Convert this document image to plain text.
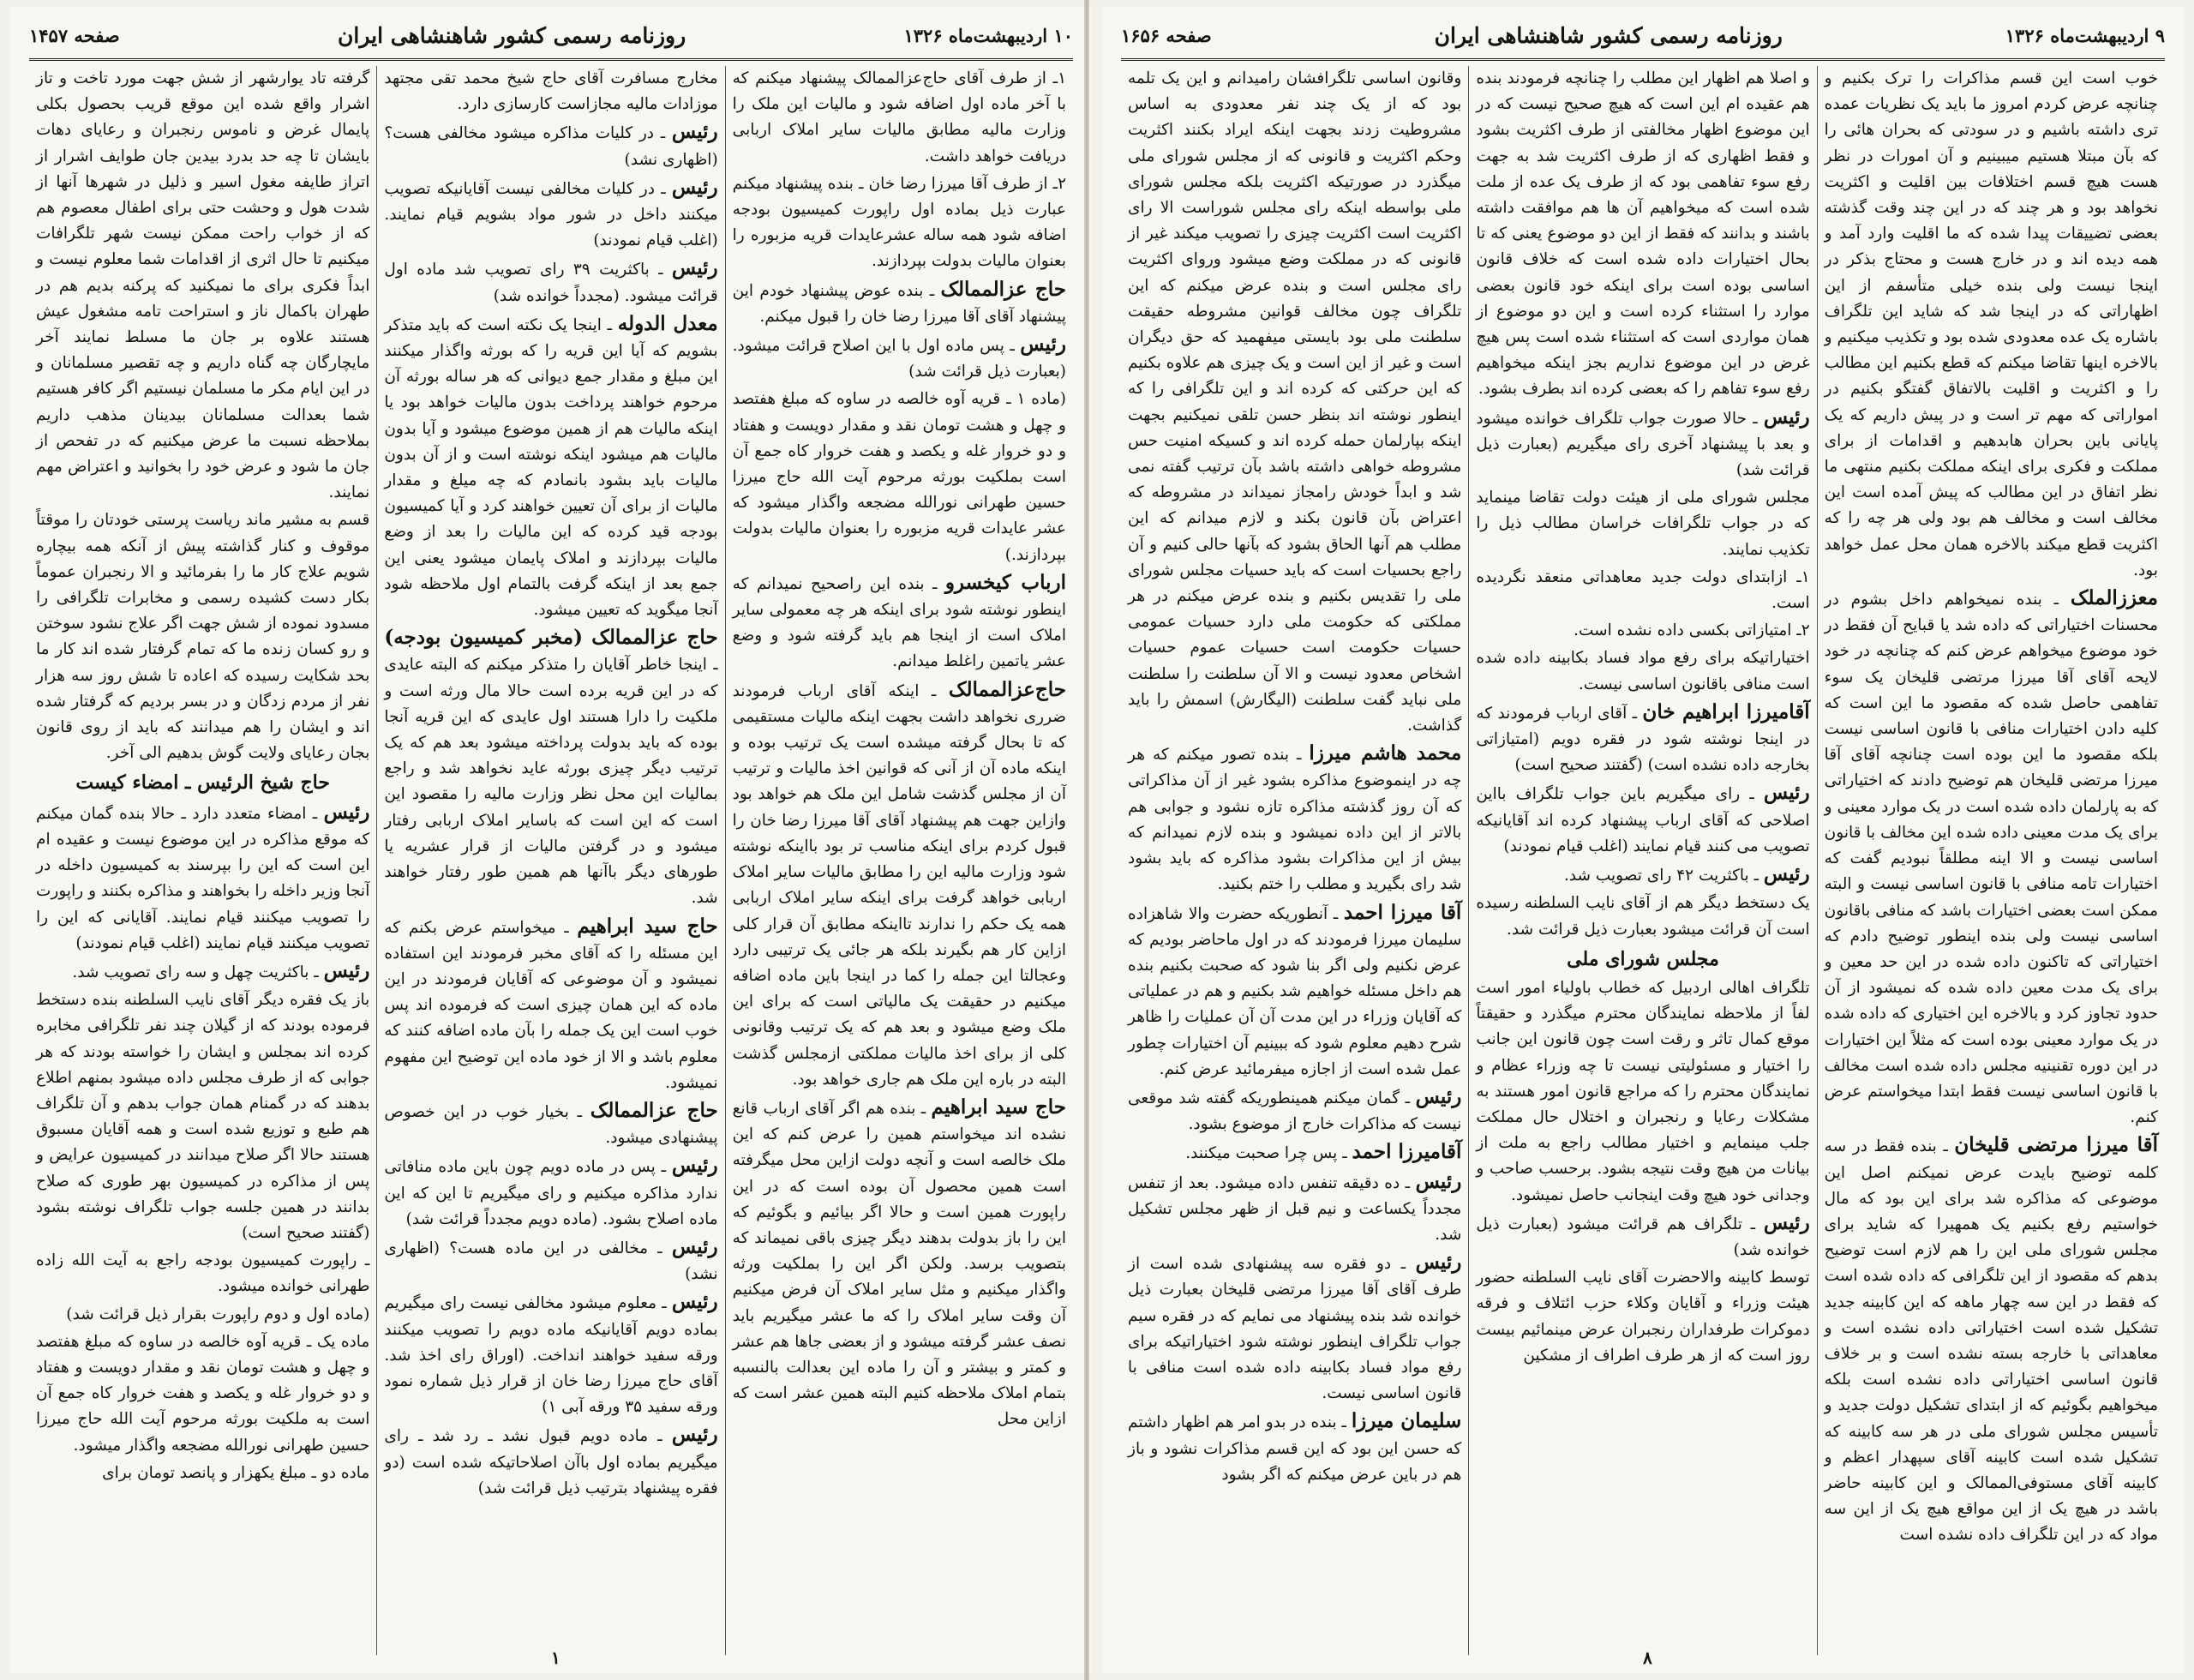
۱۰ اردیبهشت‌ماه ۱۳۲۶
روزنامه رسمی کشور شاهنشاهی ایران
صفحه ۱۴۵۷

۱ـ از طرف آقای حاج‌عزالممالک پیشنهاد میکنم که با آخر ماده اول اضافه شود و مالیات این ملک را وزارت مالیه مطابق مالیات سایر املاک اربابی دریافت خواهد داشت.

۲ـ از طرف آقا میرزا رضا خان ـ بنده پیشنهاد میکنم عبارت ذیل بماده اول راپورت کمیسیون بودجه اضافه شود همه ساله عشرعایدات قریه مزبوره را بعنوان مالیات بدولت بپردازند.

حاج عزالممالک ـ بنده عوض پیشنهاد خودم این پیشنهاد آقای آقا میرزا رضا خان را قبول میکنم.

رئیس ـ پس ماده اول با این اصلاح قرائت میشود. (بعبارت ذیل قرائت شد)

(ماده ۱ ـ قریه آوه خالصه در ساوه که مبلغ هفتصد و چهل و هشت تومان نقد و مقدار دویست و هفتاد و دو خروار غله و یکصد و هفت خروار کاه جمع آن است بملکیت بورثه مرحوم آیت الله حاج میرزا حسین طهرانی نورالله مضجعه واگذار میشود که عشر عایدات قریه مزبوره را بعنوان مالیات بدولت بپردازند.)

ارباب کیخسرو ـ بنده این راصحیح نمیدانم که اینطور نوشته شود برای اینکه هر چه معمولی سایر املاک است از اینجا هم باید گرفته شود و وضع عشر یاتمین راغلط میدانم.

حاج‌عزالممالک ـ اینکه آقای ارباب فرمودند ضرری نخواهد داشت بجهت اینکه مالیات مستقیمی که تا بحال گرفته میشده است یک ترتیب بوده و اینکه ماده آن از آنی که قوانین اخذ مالیات و ترتیب آن از مجلس گذشت شامل این ملک هم خواهد بود وازاین جهت هم پیشنهاد آقای آقا میرزا رضا خان را قبول کردم برای اینکه مناسب تر بود بااینکه نوشته شود وزارت مالیه این را مطابق مالیات سایر املاک اربابی خواهد گرفت برای اینکه سایر املاک اربابی همه یک حکم را ندارند تااینکه مطابق آن قرار کلی ازاین کار هم بگیرند بلکه هر جائی یک ترتیبی دارد وعجالتا این جمله را کما در اینجا باین ماده اضافه میکنیم در حقیقت یک مالیاتی است که برای این ملک وضع میشود و بعد هم که یک ترتیب وقانونی کلی از برای اخذ مالیات مملکتی ازمجلس گذشت البته در باره این ملک هم جاری خواهد بود.

حاج سید ابراهیم ـ بنده هم اگر آقای ارباب قانع نشده اند میخواستم همین را عرض کنم که این ملک خالصه است و آنچه دولت ازاین محل میگرفته است همین محصول آن بوده است که در این راپورت همین است و حالا اگر بیائیم و بگوئیم که این را باز بدولت بدهند دیگر چیزی باقی نمیماند که بتصویب برسد. ولکن اگر این را بملکیت ورثه واگذار میکنیم و مثل سایر املاک آن فرض میکنیم آن وقت سایر املاک را که ما عشر میگیریم باید نصف عشر گرفته میشود و از بعضی جاها هم عشر و کمتر و بیشتر و آن را ماده این بعدالت بالنسبه بتمام املاک ملاحظه کنیم البته همین عشر است که ازاین محل

مخارج مسافرت آقای حاج شیخ محمد تقی مجتهد موزادات مالیه مجازاست کارسازی دارد.

رئیس ـ در کلیات مذاکره میشود مخالفی هست؟ (اظهاری نشد)

رئیس ـ در کلیات مخالفی نیست آقایانیکه تصویب میکنند داخل در شور مواد بشویم قیام نمایند. (اغلب قیام نمودند)

رئیس ـ باکثریت ۳۹ رای تصویب شد ماده اول قرائت میشود. (مجدداً خوانده شد)

معدل الدوله ـ اینجا یک نکته است که باید متذکر بشویم که آیا این قریه را که بورثه واگذار میکنند این مبلغ و مقدار جمع دیوانی که هر ساله بورثه آن مرحوم خواهند پرداخت بدون مالیات خواهد بود یا اینکه مالیات هم از همین موضوع میشود و آیا بدون مالیات هم میشود اینکه نوشته است و از آن بدون مالیات باید بشود بانمادم که چه میلغ و مقدار مالیات از برای آن تعیین خواهند کرد و آیا کمیسیون بودجه قید کرده که این مالیات را بعد از وضع مالیات بپردازند و املاک پایمان میشود یعنی این جمع بعد از اینکه گرفت بالتمام اول ملاحظه شود آنجا میگوید که تعیین میشود.

حاج عزالممالک (مخبر کمیسیون بودجه) ـ اینجا خاطر آقایان را متذکر میکنم که البته عایدی که در این قریه برده است حالا مال ورثه است و ملکیت را دارا هستند اول عایدی که این قریه آنجا بوده که باید بدولت پرداخته میشود بعد هم که یک ترتیب دیگر چیزی بورثه عاید نخواهد شد و راجع بمالیات این محل نظر وزارت مالیه را مقصود این است که این است که باسایر املاک اربابی رفتار میشود و در گرفتن مالیات از قرار عشریه یا طورهای دیگر باآنها هم همین طور رفتار خواهند شد.

حاج سید ابراهیم ـ میخواستم عرض بکنم که این مسئله را که آقای مخبر فرمودند این استفاده نمیشود و آن موضوعی که آقایان فرمودند در این ماده که این همان چیزی است که فرموده اند پس خوب است این یک جمله را بآن ماده اضافه کنند که معلوم باشد و الا از خود ماده این توضیح این مفهوم نمیشود.

حاج عزالممالک ـ بخیار خوب در این خصوص پیشنهادی میشود.

رئیس ـ پس در ماده دویم چون باین ماده منافاتی ندارد مذاکره میکنیم و رای میگیریم تا این که این ماده اصلاح بشود. (ماده دویم مجدداً قرائت شد)

رئیس ـ مخالفی در این ماده هست؟ (اظهاری نشد)

رئیس ـ معلوم میشود مخالفی نیست رای میگیریم بماده دویم آقایانیکه ماده دویم را تصویب میکنند ورقه سفید خواهند انداخت. (اوراق رای اخذ شد. آقای حاج میرزا رضا خان از قرار ذیل شماره نمود ورقه سفید ۳۵ ورقه آبی ۱)

رئیس ـ ماده دویم قبول نشد ـ رد شد ـ رای میگیریم بماده اول باآن اصلاحاتیکه شده است (دو فقره پیشنهاد بترتیب ذیل قرائت شد)

گرفته تاد یوارشهر از شش جهت مورد تاخت و تاز اشرار واقع شده این موقع قریب بحصول بکلی پایمال غرض و ناموس رنجبران و رعایای دهات بایشان تا چه حد بدرد بیدین جان طوایف اشرار از اتراز طایفه مغول اسیر و ذلیل در شهرها آنها از شدت هول و وحشت حتی برای اطفال معصوم هم که از خواب راحت ممکن نیست شهر تلگرافات میکنیم تا حال اثری از اقدامات شما معلوم نیست و ابداً فکری برای ما نمیکنید که پرکنه بدیم هم در طهران باکمال ناز و استراحت تامه مشغول عیش هستند علاوه بر جان ما مسلط نمایند آخر مایچارگان چه گناه داریم و چه تقصیر مسلمانان و در این ایام مکر ما مسلمان نیستیم اگر کافر هستیم شما بعدالت مسلمانان بیدینان مذهب داریم بملاحظه نسبت ما عرض میکنیم که در تفحص از جان ما شود و عرض خود را بخوانید و اعتراض مهم نمایند.

قسم به مشیر ماند ریاست پرستی خودتان را موقتاً موقوف و کنار گذاشته پیش از آنکه همه بیچاره شویم علاج کار ما را بفرمائید و الا رنجبران عموماً بکار دست کشیده رسمی و مخابرات تلگرافی را مسدود نموده از شش جهت اگر علاج نشود سوختن و رو کسان زنده ما که تمام گرفتار شده اند کار ما بحد شکایت رسیده که اعاده تا شش روز سه هزار نفر از مردم زدگان و در بسر بردیم که گرفتار شده اند و ایشان را هم میدانند که باید از روی قانون بجان رعایای ولایت گوش بدهیم الی آخر.

حاج شیخ الرئیس ـ امضاء کیست

رئیس ـ امضاء متعدد دارد ـ حالا بنده گمان میکنم که موقع مذاکره در این موضوع نیست و عقیده ام این است که این را بپرسند به کمیسیون داخله در آنجا وزیر داخله را بخواهند و مذاکره بکنند و راپورت را تصویب میکنند قیام نمایند. آقایانی که این را تصویب میکنند قیام نمایند (اغلب قیام نمودند)

رئیس ـ باکثریت چهل و سه رای تصویب شد.

باز یک فقره دیگر آقای نایب السلطنه بنده دستخط فرموده بودند که از گیلان چند نفر تلگرافی مخابره کرده اند بمجلس و ایشان را خواسته بودند که هر جوابی که از طرف مجلس داده میشود بمنهم اطلاع بدهند که در گمنام همان جواب بدهم و آن تلگراف هم طبع و توزیع شده است و همه آقایان مسبوق هستند حالا اگر صلاح میدانند در کمیسیون عرایض و پس از مذاکره در کمیسیون بهر طوری که صلاح بدانند در همین جلسه جواب تلگراف نوشته بشود (گفتند صحیح است)

ـ راپورت کمیسیون بودجه راجع به آیت الله زاده طهرانی خوانده میشود.

(ماده اول و دوم راپورت بقرار ذیل قرائت شد)

ماده یک ـ قریه آوه خالصه در ساوه که مبلغ هفتصد و چهل و هشت تومان نقد و مقدار دویست و هفتاد و دو خروار غله و یکصد و هفت خروار کاه جمع آن است به ملکیت بورثه مرحوم آیت الله حاج میرزا حسین طهرانی نورالله مضجعه واگذار میشود.

ماده دو ـ مبلغ یکهزار و پانصد تومان برای

۱
۹ اردیبهشت‌ماه ۱۳۲۶
روزنامه رسمی کشور شاهنشاهی ایران
صفحه ۱۶۵۶

خوب است این قسم مذاکرات را ترک بکنیم و چنانچه عرض کردم امروز ما باید یک نظریات عمده تری داشته باشیم و در سودتی که بحران هائی را که بآن مبتلا هستیم میبینیم و آن امورات در نظر هست هیچ قسم اختلافات بین اقلیت و اکثریت نخواهد بود و هر چند که در این چند وقت گذشته بعضی تضییقات پیدا شده که ما اقلیت وارد آمد و همه دیده اند و در خارج هست و محتاج بذکر در اینجا نیست ولی بنده خیلی متأسفم از این اظهاراتی که در اینجا شد که شاید این تلگراف باشاره یک عده معدودی شده بود و تکذیب میکنیم و بالاخره اینها تقاضا میکنم که قطع بکنیم این مطالب را و اکثریت و اقلیت بالاتفاق گفتگو بکنیم در امواراتی که مهم تر است و در پیش داریم که یک پایانی باین بحران هابدهیم و اقدامات از برای مملکت و فکری برای اینکه مملکت بکنیم منتهی ما نظر اتفاق در این مطالب که پیش آمده است این مخالف است و مخالف هم بود ولی هر چه را که اکثریت قطع میکند بالاخره همان محل عمل خواهد بود.

معززالملک ـ بنده نمیخواهم داخل بشوم در محسنات اختیاراتی که داده شد یا قبایح آن فقط در خود موضوع میخواهم عرض کنم که چنانچه در خود لایحه آقای آقا میرزا مرتضی قلیخان یک سوء تفاهمی حاصل شده که مقصود ما این است که کلیه دادن اختیارات منافی با قانون اساسی نیست بلکه مقصود ما این بوده است چنانچه آقای آقا میرزا مرتضی قلیخان هم توضیح دادند که اختیاراتی که به پارلمان داده شده است در یک موارد معینی و برای یک مدت معینی داده شده این مخالف با قانون اساسی نیست و الا اینه مطلقاً نبودیم گفت که اختیارات تامه منافی با قانون اساسی نیست و البته ممکن است بعضی اختیارات باشد که منافی باقانون اساسی نیست ولی بنده اینطور توضیح دادم که اختیاراتی که تاکنون داده شده در این حد معین و برای یک مدت معین داده شده که نمیشود از آن حدود تجاوز کرد و بالاخره این اختیاری که داده شده در یک موارد معینی بوده است که مثلاً این اختیارات در این دوره تقنینیه مجلس داده شده است مخالف با قانون اساسی نیست فقط ابتدا میخواستم عرض کنم.

آقا میرزا مرتضی قلیخان ـ بنده فقط در سه کلمه توضیح بایدت عرض نمیکنم اصل این موضوعی که مذاکره شد برای این بود که مال خواستیم رفع بکنیم یک همهیرا که شاید برای مجلس شورای ملی این را هم لازم است توضیح بدهم که مقصود از این تلگرافی که داده شده است که فقط در این سه چهار ماهه که این کابینه جدید تشکیل شده است اختیاراتی داده نشده است و معاهداتی با خارجه بسته نشده است و بر خلاف قانون اساسی اختیاراتی داده نشده است بلکه میخواهیم بگوئیم که از ابتدای تشکیل دولت جدید و تأسیس مجلس شورای ملی در هر سه کابینه که تشکیل شده است کابینه آقای سپهدار اعظم و کابینه آقای مستوفی‌الممالک و این کابینه حاضر باشد در هیچ یک از این مواقع هیچ یک از این سه مواد که در این تلگراف داده نشده است

و اصلا هم اظهار این مطلب را چنانچه فرمودند بنده هم عقیده ام این است که هیچ صحیح نیست که در این موضوع اظهار مخالفتی از طرف اکثریت بشود و فقط اظهاری که از طرف اکثریت شد به جهت رفع سوء تفاهمی بود که از طرف یک عده از ملت شده است که میخواهیم آن ها هم موافقت داشته باشند و بدانند که فقط از این دو موضوع یعنی که تا بحال اختیارات داده شده است که خلاف قانون اساسی بوده است برای اینکه خود قانون بعضی موارد را استثناء کرده است و این دو موضوع از همان مواردی است که استثناء شده است پس هیچ غرض در این موضوع نداریم بجز اینکه میخواهیم رفع سوء تفاهم را که بعضی کرده اند بطرف بشود.

رئیس ـ حالا صورت جواب تلگراف خوانده میشود و بعد با پیشنهاد آخری رای میگیریم (بعبارت ذیل قرائت شد)

مجلس شورای ملی از هیئت دولت تقاضا مینماید که در جواب تلگرافات خراسان مطالب ذیل را تکذیب نمایند.

۱ـ ازابتدای دولت جدید معاهداتی منعقد نگردیده است.

۲ـ امتیازاتی بکسی داده نشده است.

اختیاراتیکه برای رفع مواد فساد بکابینه داده شده است منافی باقانون اساسی نیست.

آقامیرزا ابراهیم خان ـ آقای ارباب فرمودند که در اینجا نوشته شود در فقره دویم (امتیازاتی بخارجه داده نشده است) (گفتند صحیح است)

رئیس ـ رای میگیریم باین جواب تلگراف بااین اصلاحی که آقای ارباب پیشنهاد کرده اند آقایانیکه تصویب می کنند قیام نمایند (اغلب قیام نمودند)

رئیس ـ باکثریت ۴۲ رای تصویب شد.

یک دستخط دیگر هم از آقای نایب السلطنه رسیده است آن قرائت میشود بعبارت ذیل قرائت شد.

مجلس شورای ملی

تلگراف اهالی اردبیل که خطاب باولیاء امور است لفاً از ملاحظه نمایندگان محترم میگذرد و حقیقتاً موقع کمال تاثر و رقت است چون قانون این جانب را اختیار و مسئولیتی نیست تا چه وزراء عظام و نمایندگان محترم را که مراجع قانون امور هستند به مشکلات رعایا و رنجبران و اختلال حال مملکت جلب مینمایم و اختیار مطالب راجع به ملت از بیانات من هیچ وقت نتیجه بشود. برحسب صاحب و وجدانی خود هیچ وقت اینجانب حاصل نمیشود.

رئیس ـ تلگراف هم قرائت میشود (بعبارت ذیل خوانده شد)

توسط کابینه والاحضرت آقای نایب السلطنه حضور هیئت وزراء و آقایان وکلاء حزب ائتلاف و فرقه دموکرات طرفداران رنجبران عرض مینمائیم بیست روز است که از هر طرف اطراف از مشکین

وقانون اساسی تلگرافشان رامیدانم و این یک تلمه بود که از یک چند نفر معدودی به اساس مشروطیت زدند بجهت اینکه ایراد بکنند اکثریت وحکم اکثریت و قانونی که از مجلس شورای ملی میگذرد در صورتیکه اکثریت بلکه مجلس شورای ملی بواسطه اینکه رای مجلس شوراست الا رای اکثریت است اکثریت چیزی را تصویب میکند غیر از قانونی که در مملکت وضع میشود وروای اکثریت رای مجلس است و بنده عرض میکنم که این تلگراف چون مخالف قوانین مشروطه حقیقت سلطنت ملی بود بایستی میفهمید که حق دیگران است و غیر از این است و یک چیزی هم علاوه بکنیم که این حرکتی که کرده اند و این تلگرافی را که اینطور نوشته اند بنظر حسن تلقی نمیکنیم بجهت اینکه بپارلمان حمله کرده اند و کسیکه امنیت حس مشروطه خواهی داشته باشد بآن ترتیب گفته نمی شد و ابداً خودش رامجاز نمیداند در مشروطه که اعتراض بآن قانون بکند و لازم میدانم که این مطلب هم آنها الحاق بشود که بآنها حالی کنیم و آن راجع بحسیات است که باید حسیات مجلس شورای ملی را تقدیس بکنیم و بنده عرض میکنم در هر مملکتی که حکومت ملی دارد حسیات عمومی حسیات حکومت است حسیات عموم حسیات اشخاص معدود نیست و الا آن سلطنت را سلطنت ملی نباید گفت سلطنت (الیگارش) اسمش را باید گذاشت.

محمد هاشم میرزا ـ بنده تصور میکنم که هر چه در اینموضوع مذاکره بشود غیر از آن مذاکراتی که آن روز گذشته مذاکره تازه نشود و جوابی هم بالاتر از این داده نمیشود و بنده لازم نمیدانم که بیش از این مذاکرات بشود مذاکره که باید بشود شد رای بگیرید و مطلب را ختم بکنید.

آقا میرزا احمد ـ آنطوریکه حضرت والا شاهزاده سلیمان میرزا فرمودند که در اول ماحاضر بودیم که عرض نکنیم ولی اگر بنا شود که صحبت بکنیم بنده هم داخل مسئله خواهیم شد بکنیم و هم در عملیاتی که آقایان وزراء در این مدت آن آن عملیات را ظاهر شرح دهیم معلوم شود که ببینیم آن اختیارات چطور عمل شده است از اجازه میفرمائید عرض کنم.

رئیس ـ گمان میکنم همینطوریکه گفته شد موقعی نیست که مذاکرات خارج از موضوع بشود.

آقامیرزا احمد ـ پس چرا صحبت میکنند.

رئیس ـ ده دقیقه تنفس داده میشود. بعد از تنفس مجدداً یکساعت و نیم قبل از ظهر مجلس تشکیل شد.

رئیس ـ دو فقره سه پیشنهادی شده است از طرف آقای آقا میرزا مرتضی قلیخان بعبارت ذیل خوانده شد بنده پیشنهاد می نمایم که در فقره سیم جواب تلگراف اینطور نوشته شود اختیاراتیکه برای رفع مواد فساد بکابینه داده شده است منافی با قانون اساسی نیست.

سلیمان میرزا ـ بنده در بدو امر هم اظهار داشتم که حسن این بود که این قسم مذاکرات نشود و باز هم در باین عرض میکنم که اگر بشود

۸
